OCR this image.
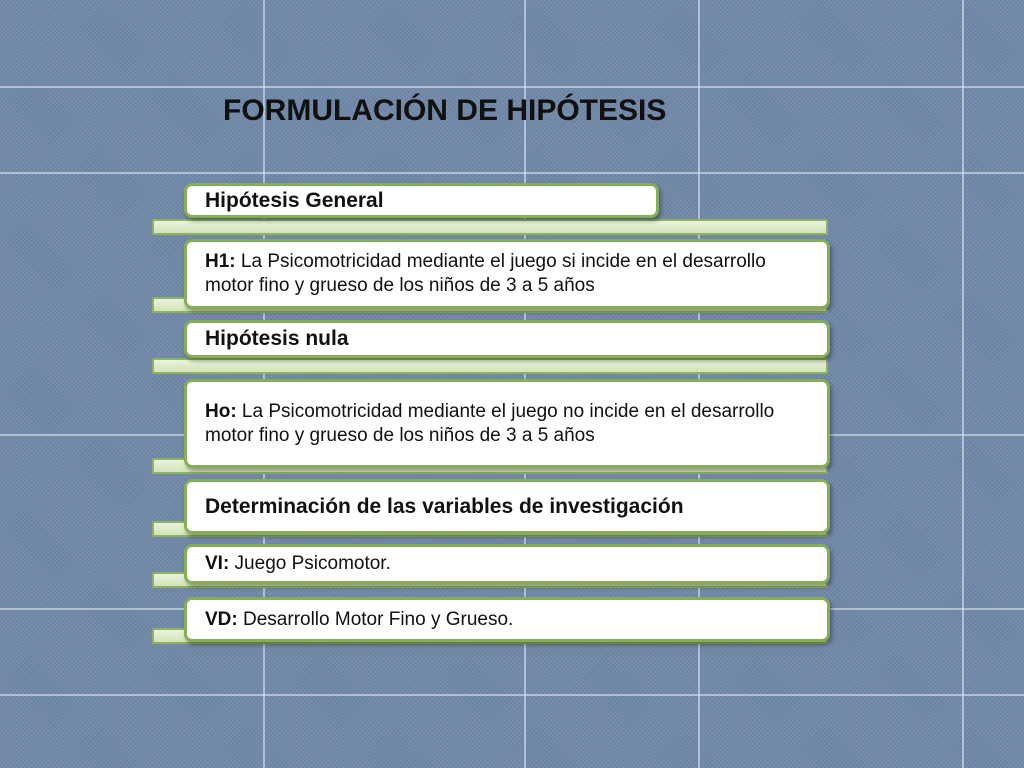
FORMULACIÓN DE HIPÓTESIS
Hipótesis General
H1: La Psicomotricidad mediante el juego si incide en el desarrollo motor fino y grueso de los niños de 3 a 5 años
Hipótesis nula
Ho: La Psicomotricidad mediante el juego no incide en el desarrollo motor fino y grueso de los niños de 3 a 5 años
Determinación de las variables de investigación
VI: Juego Psicomotor.
VD: Desarrollo Motor Fino y Grueso.
